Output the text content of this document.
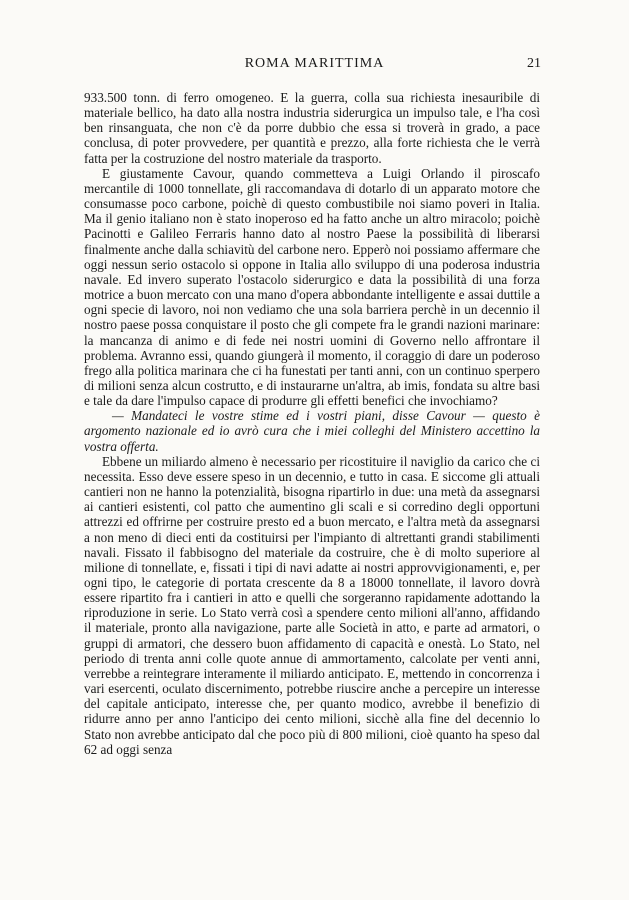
ROMA MARITTIMA	21

933.500 tonn. di ferro omogeneo. E la guerra, colla sua richiesta inesauribile di materiale bellico, ha dato alla nostra industria siderurgica un impulso tale, e l'ha così ben rinsanguata, che non c'è da porre dubbio che essa si troverà in grado, a pace conclusa, di poter provvedere, per quantità e prezzo, alla forte richiesta che le verrà fatta per la costruzione del nostro materiale da trasporto.

E giustamente Cavour, quando commetteva a Luigi Orlando il piroscafo mercantile di 1000 tonnellate, gli raccomandava di dotarlo di un apparato motore che consumasse poco carbone, poichè di questo combustibile noi siamo poveri in Italia. Ma il genio italiano non è stato inoperoso ed ha fatto anche un altro miracolo; poichè Pacinotti e Galileo Ferraris hanno dato al nostro Paese la possibilità di liberarsi finalmente anche dalla schiavitù del carbone nero. Epperò noi possiamo affermare che oggi nessun serio ostacolo si oppone in Italia allo sviluppo di una poderosa industria navale. Ed invero superato l'ostacolo siderurgico e data la possibilità di una forza motrice a buon mercato con una mano d'opera abbondante intelligente e assai duttile a ogni specie di lavoro, noi non vediamo che una sola barriera perchè in un decennio il nostro paese possa conquistare il posto che gli compete fra le grandi nazioni marinare: la mancanza di animo e di fede nei nostri uomini di Governo nello affrontare il problema. Avranno essi, quando giungerà il momento, il coraggio di dare un poderoso frego alla politica marinara che ci ha funestati per tanti anni, con un continuo sperpero di milioni senza alcun costrutto, e di instaurarne un'altra, ab imis, fondata su altre basi e tale da dare l'impulso capace di produrre gli effetti benefici che invochiamo?

— Mandateci le vostre stime ed i vostri piani, disse Cavour — questo è argomento nazionale ed io avrò cura che i miei colleghi del Ministero accettino la vostra offerta.

Ebbene un miliardo almeno è necessario per ricostituire il naviglio da carico che ci necessita. Esso deve essere speso in un decennio, e tutto in casa. E siccome gli attuali cantieri non ne hanno la potenzialità, bisogna ripartirlo in due: una metà da assegnarsi ai cantieri esistenti, col patto che aumentino gli scali e si corredino degli opportuni attrezzi ed offrirne per costruire presto ed a buon mercato, e l'altra metà da assegnarsi a non meno di dieci enti da costituirsi per l'impianto di altrettanti grandi stabilimenti navali. Fissato il fabbisogno del materiale da costruire, che è di molto superiore al milione di tonnellate, e, fissati i tipi di navi adatte ai nostri approvvigionamenti, e, per ogni tipo, le categorie di portata crescente da 8 a 18000 tonnellate, il lavoro dovrà essere ripartito fra i cantieri in atto e quelli che sorgeranno rapidamente adottando la riproduzione in serie. Lo Stato verrà così a spendere cento milioni all'anno, affidando il materiale, pronto alla navigazione, parte alle Società in atto, e parte ad armatori, o gruppi di armatori, che dessero buon affidamento di capacità e onestà. Lo Stato, nel periodo di trenta anni colle quote annue di ammortamento, calcolate per venti anni, verrebbe a reintegrare interamente il miliardo anticipato. E, mettendo in concorrenza i vari esercenti, oculato discernimento, potrebbe riuscire anche a percepire un interesse del capitale anticipato, interesse che, per quanto modico, avrebbe il benefizio di ridurre anno per anno l'anticipo dei cento milioni, sicchè alla fine del decennio lo Stato non avrebbe anticipato dal che poco più di 800 milioni, cioè quanto ha speso dal 62 ad oggi senza
